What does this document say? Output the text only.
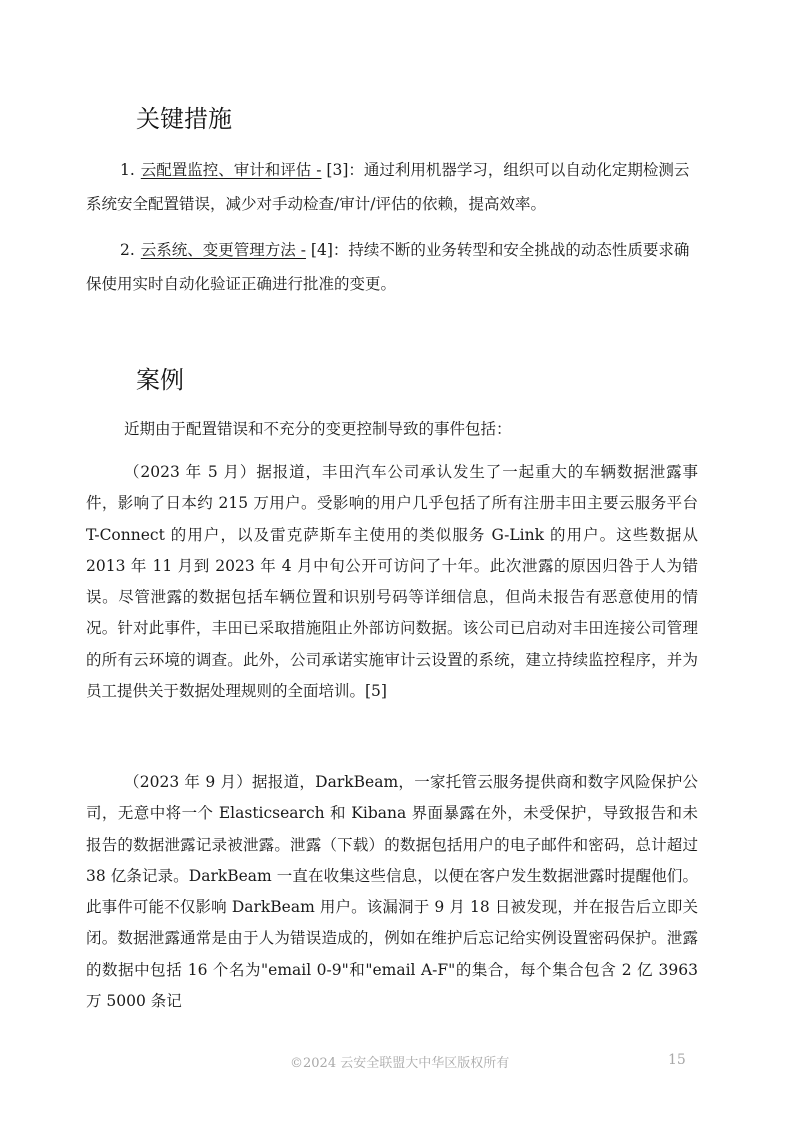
关键措施

1. 云配置监控、审计和评估 - [3]：通过利用机器学习，组织可以自动化定期检测云系统安全配置错误，减少对手动检查/审计/评估的依赖，提高效率。

2. 云系统、变更管理方法 - [4]：持续不断的业务转型和安全挑战的动态性质要求确保使用实时自动化验证正确进行批准的变更。

案例

近期由于配置错误和不充分的变更控制导致的事件包括：

（2023 年 5 月）据报道，丰田汽车公司承认发生了一起重大的车辆数据泄露事件，影响了日本约 215 万用户。受影响的用户几乎包括了所有注册丰田主要云服务平台 T-Connect 的用户，以及雷克萨斯车主使用的类似服务 G-Link 的用户。这些数据从 2013 年 11 月到 2023 年 4 月中旬公开可访问了十年。此次泄露的原因归咎于人为错误。尽管泄露的数据包括车辆位置和识别号码等详细信息，但尚未报告有恶意使用的情况。针对此事件，丰田已采取措施阻止外部访问数据。该公司已启动对丰田连接公司管理的所有云环境的调查。此外，公司承诺实施审计云设置的系统，建立持续监控程序，并为员工提供关于数据处理规则的全面培训。[5]

（2023 年 9 月）据报道，DarkBeam，一家托管云服务提供商和数字风险保护公司，无意中将一个 Elasticsearch 和 Kibana 界面暴露在外，未受保护，导致报告和未报告的数据泄露记录被泄露。泄露（下载）的数据包括用户的电子邮件和密码，总计超过 38 亿条记录。DarkBeam 一直在收集这些信息，以便在客户发生数据泄露时提醒他们。此事件可能不仅影响 DarkBeam 用户。该漏洞于 9 月 18 日被发现，并在报告后立即关闭。数据泄露通常是由于人为错误造成的，例如在维护后忘记给实例设置密码保护。泄露的数据中包括 16 个名为"email 0-9"和"email A-F"的集合，每个集合包含 2 亿 3963 万 5000 条记

©2024 云安全联盟大中华区版权所有	15
